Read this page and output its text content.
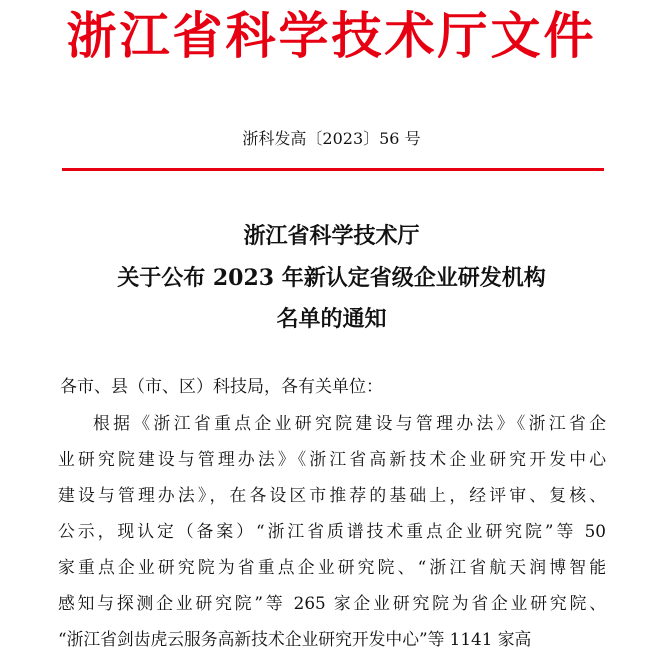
浙江省科学技术厅文件
浙科发高〔2023〕56 号
浙江省科学技术厅
关于公布 2023 年新认定省级企业研发机构
名单的通知
各市、县（市、区）科技局，各有关单位：
根据《浙江省重点企业研究院建设与管理办法》《浙江省企
业研究院建设与管理办法》《浙江省高新技术企业研究开发中心
建设与管理办法》，在各设区市推荐的基础上，经评审、复核、
公示，现认定（备案）“浙江省质谱技术重点企业研究院”等 50
家重点企业研究院为省重点企业研究院、“浙江省航天润博智能
感知与探测企业研究院”等 265 家企业研究院为省企业研究院、
“浙江省剑齿虎云服务高新技术企业研究开发中心”等 1141 家高
